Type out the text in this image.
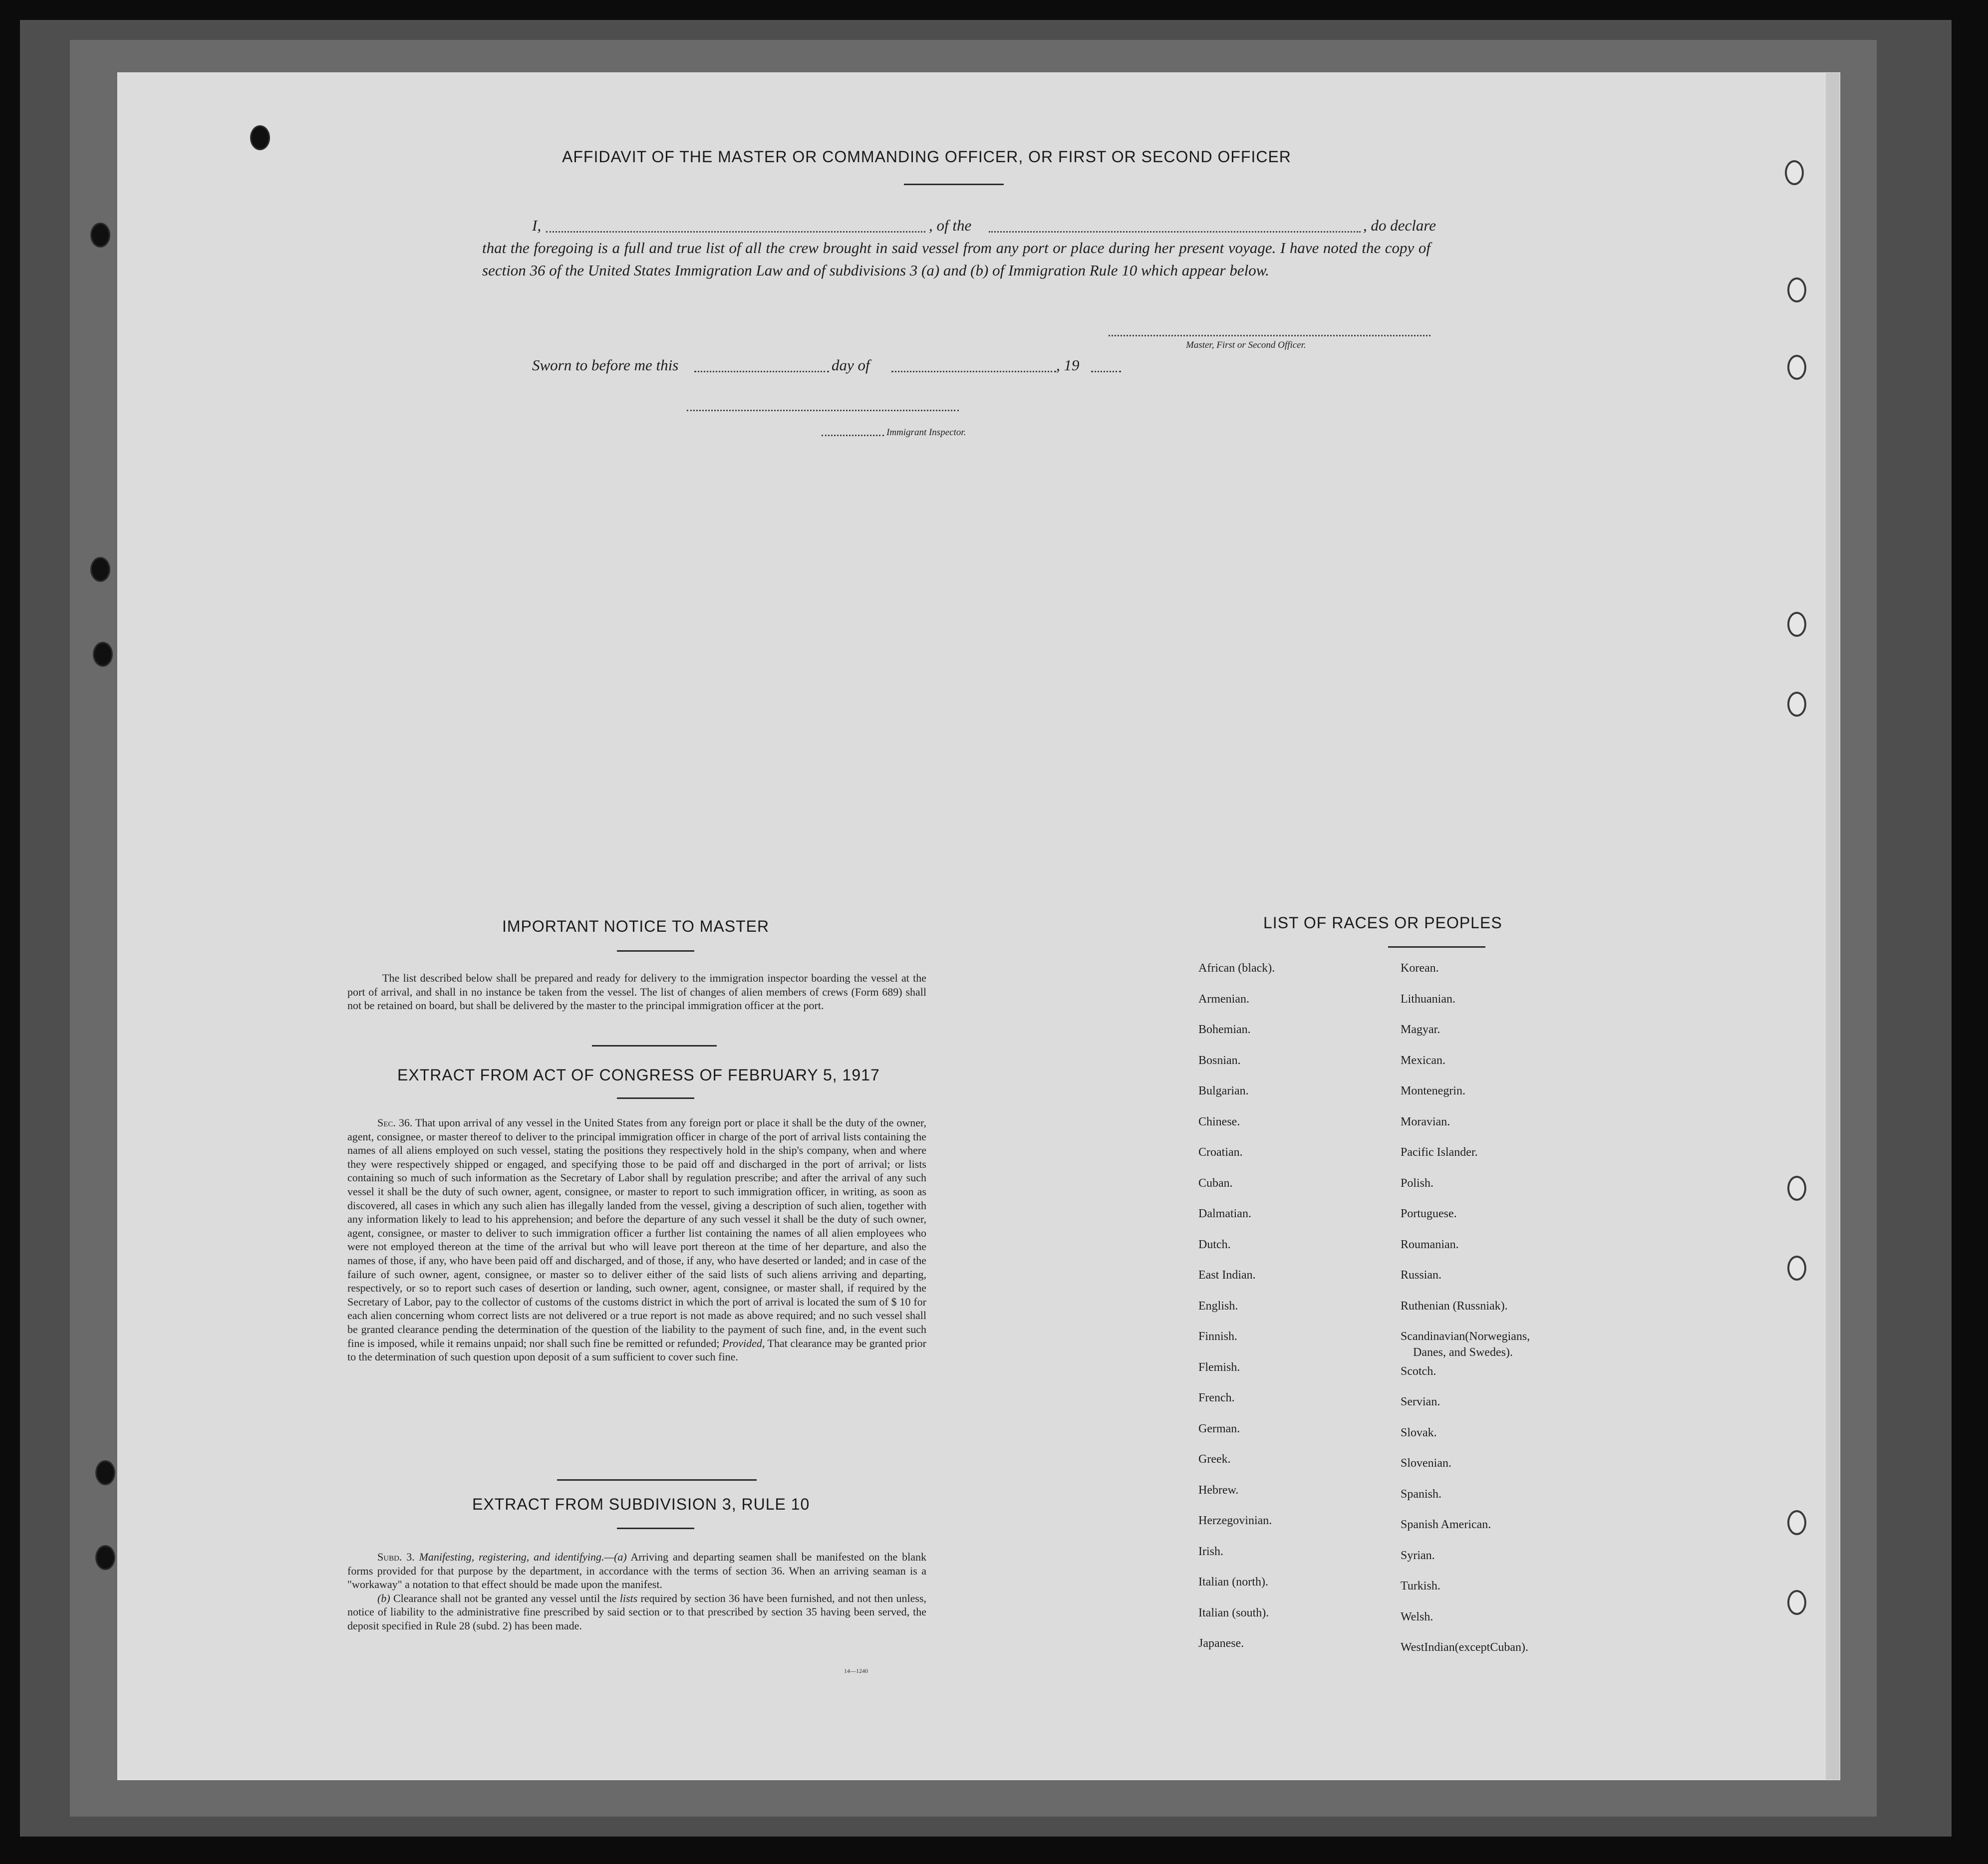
AFFIDAVIT OF THE MASTER OR COMMANDING OFFICER, OR FIRST OR SECOND OFFICER
I,	, of the	, do declare
that the foregoing is a full and true list of all the crew brought in said vessel from any port or place during her present voyage. I have noted the copy of section 36 of the United States Immigration Law and of subdivisions 3 (a) and (b) of Immigration Rule 10 which appear below.
Master, First or Second Officer.
Sworn to before me this	day of	, 19
Immigrant Inspector.
IMPORTANT NOTICE TO MASTER
The list described below shall be prepared and ready for delivery to the immigration inspector boarding the vessel at the port of arrival, and shall in no instance be taken from the vessel. The list of changes of alien members of crews (Form 689) shall not be retained on board, but shall be delivered by the master to the principal immigration officer at the port.
EXTRACT FROM ACT OF CONGRESS OF FEBRUARY 5, 1917
Sec. 36. That upon arrival of any vessel in the United States from any foreign port or place it shall be the duty of the owner, agent, consignee, or master thereof to deliver to the principal immigration officer in charge of the port of arrival lists containing the names of all aliens employed on such vessel, stating the positions they respectively hold in the ship's company, when and where they were respectively shipped or engaged, and specifying those to be paid off and discharged in the port of arrival; or lists containing so much of such information as the Secretary of Labor shall by regulation prescribe; and after the arrival of any such vessel it shall be the duty of such owner, agent, consignee, or master to report to such immigration officer, in writing, as soon as discovered, all cases in which any such alien has illegally landed from the vessel, giving a description of such alien, together with any information likely to lead to his apprehension; and before the departure of any such vessel it shall be the duty of such owner, agent, consignee, or master to deliver to such immigration officer a further list containing the names of all alien employees who were not employed thereon at the time of the arrival but who will leave port thereon at the time of her departure, and also the names of those, if any, who have been paid off and discharged, and of those, if any, who have deserted or landed; and in case of the failure of such owner, agent, consignee, or master so to deliver either of the said lists of such aliens arriving and departing, respectively, or so to report such cases of desertion or landing, such owner, agent, consignee, or master shall, if required by the Secretary of Labor, pay to the collector of customs of the customs district in which the port of arrival is located the sum of $ 10 for each alien concerning whom correct lists are not delivered or a true report is not made as above required; and no such vessel shall be granted clearance pending the determination of the question of the liability to the payment of such fine, and, in the event such fine is imposed, while it remains unpaid; nor shall such fine be remitted or refunded; Provided, That clearance may be granted prior to the determination of such question upon deposit of a sum sufficient to cover such fine.
EXTRACT FROM SUBDIVISION 3, RULE 10
Subd. 3. Manifesting, registering, and identifying.—(a) Arriving and departing seamen shall be manifested on the blank forms provided for that purpose by the department, in accordance with the terms of section 36. When an arriving seaman is a "workaway" a notation to that effect should be made upon the manifest.
(b) Clearance shall not be granted any vessel until the lists required by section 36 have been furnished, and not then unless, notice of liability to the administrative fine prescribed by said section or to that prescribed by section 35 having been served, the deposit specified in Rule 28 (subd. 2) has been made.
14—1240
LIST OF RACES OR PEOPLES
African (black).
Armenian.
Bohemian.
Bosnian.
Bulgarian.
Chinese.
Croatian.
Cuban.
Dalmatian.
Dutch.
East Indian.
English.
Finnish.
Flemish.
French.
German.
Greek.
Hebrew.
Herzegovinian.
Irish.
Italian (north).
Italian (south).
Japanese.
Korean.
Lithuanian.
Magyar.
Mexican.
Montenegrin.
Moravian.
Pacific Islander.
Polish.
Portuguese.
Roumanian.
Russian.
Ruthenian (Russniak).
Scandinavian(Norwegians,
Scotch.
Servian.
Slovak.
Slovenian.
Spanish.
Spanish American.
Syrian.
Turkish.
Welsh.
WestIndian(exceptCuban).
Danes, and Swedes).
